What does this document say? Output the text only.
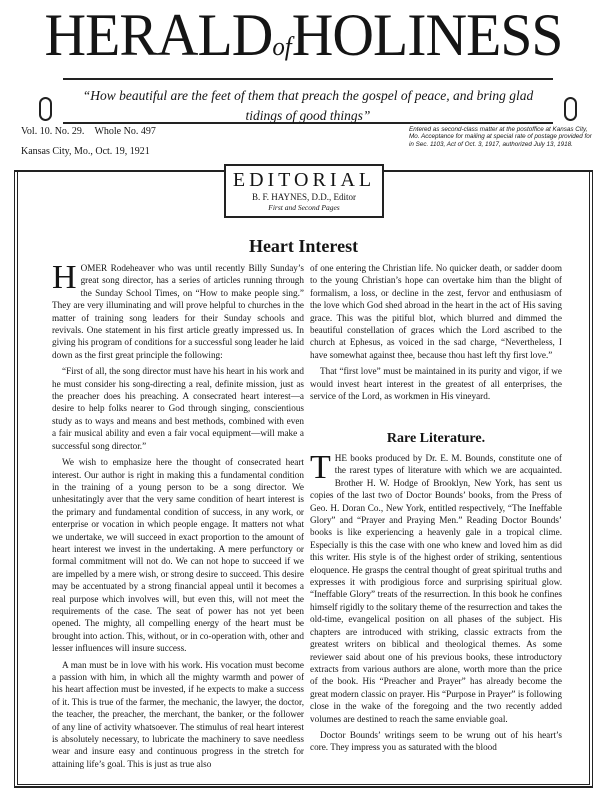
HERALDofHOLINESS
“How beautiful are the feet of them that preach the gospel of peace, and bring glad tidings of good things”
Vol. 10. No. 29. Whole No. 497
Kansas City, Mo., Oct. 19, 1921
Entered as second-class matter at the postoffice at Kansas City, Mo. Acceptance for mailing at special rate of postage provided for in Sec. 1103, Act of Oct. 3, 1917, authorized July 13, 1918.
EDITORIAL
B. F. HAYNES, D.D., Editor
First and Second Pages
Heart Interest

HOMER Rodeheaver who was until recently Billy Sunday’s great song director, has a series of articles running through the Sunday School Times, on “How to make people sing.” They are very illuminating and will prove helpful to churches in the matter of training song leaders for their Sunday schools and revivals. One statement in his first article greatly impressed us. In giving his program of conditions for a successful song leader he laid down as the first great principle the following:

“First of all, the song director must have his heart in his work and he must consider his song-directing a real, definite mission, just as the preacher does his preaching. A consecrated heart interest—a desire to help folks nearer to God through singing, conscientious study as to ways and means and best methods, combined with even a fair musical ability and even a fair vocal equipment—will make a successful song director.”

We wish to emphasize here the thought of consecrated heart interest. Our author is right in making this a fundamental condition in the training of a young person to be a song director. We unhesitatingly aver that the very same condition of heart interest is the primary and fundamental condition of success, in any work, or enterprise or vocation in which people engage. It matters not what we undertake, we will succeed in exact proportion to the amount of heart interest we invest in the undertaking. A mere perfunctory or formal commitment will not do. We can not hope to succeed if we are impelled by a mere wish, or strong desire to succeed. This desire may be accentuated by a strong financial appeal until it becomes a real purpose which involves will, but even this, will not meet the requirements of the case. The seat of power has not yet been opened. The mighty, all compelling energy of the heart must be brought into action. This, without, or in co-operation with, other and lesser influences will insure success.

A man must be in love with his work. His vocation must become a passion with him, in which all the mighty warmth and power of his heart affection must be invested, if he expects to make a success of it. This is true of the farmer, the mechanic, the lawyer, the doctor, the teacher, the preacher, the merchant, the banker, or the follower of any line of activity whatsoever. The stimulus of real heart interest is absolutely necessary, to lubricate the machinery to save needless wear and insure easy and continuous progress in the stretch for attaining life’s goal. This is just as true also

of one entering the Christian life. No quicker death, or sadder doom to the young Christian’s hope can overtake him than the blight of formalism, a loss, or decline in the zest, fervor and enthusiasm of the love which God shed abroad in the heart in the act of His saving grace. This was the pitiful blot, which blurred and dimmed the beautiful constellation of graces which the Lord ascribed to the church at Ephesus, as voiced in the sad charge, “Nevertheless, I have somewhat against thee, because thou hast left thy first love.”

That “first love” must be maintained in its purity and vigor, if we would invest heart interest in the greatest of all enterprises, the service of the Lord, as workmen in His vineyard.

Rare Literature.

THE books produced by Dr. E. M. Bounds, constitute one of the rarest types of literature with which we are acquainted. Brother H. W. Hodge of Brooklyn, New York, has sent us copies of the last two of Doctor Bounds’ books, from the Press of Geo. H. Doran Co., New York, entitled respectively, “The Ineffable Glory” and “Prayer and Praying Men.” Reading Doctor Bounds’ books is like experiencing a heavenly gale in a tropical clime. Especially is this the case with one who knew and loved him as did this writer. His style is of the highest order of striking, sententious eloquence. He grasps the central thought of great spiritual truths and expresses it with prodigious force and surprising spiritual glow. “Ineffable Glory” treats of the resurrection. In this book he confines himself rigidly to the solitary theme of the resurrection and takes the old-time, evangelical position on all phases of the subject. His chapters are introduced with striking, classic extracts from the greatest writers on biblical and theological themes. As some reviewer said about one of his previous books, these introductory extracts from various authors are alone, worth more than the price of the book. His “Preacher and Prayer” has already become the great modern classic on prayer. His “Purpose in Prayer” is following close in the wake of the foregoing and the two recently added volumes are destined to reach the same enviable goal.

Doctor Bounds’ writings seem to be wrung out of his heart’s core. They impress you as saturated with the blood
